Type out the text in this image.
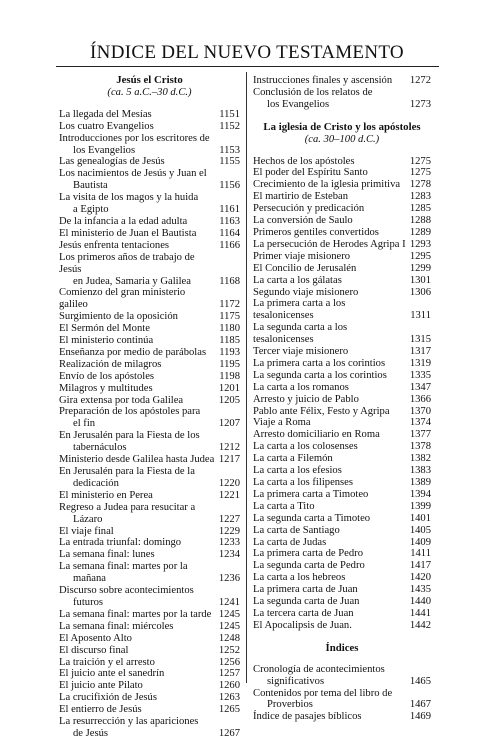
ÍNDICE DEL NUEVO TESTAMENTO
Jesús el Cristo
(ca. 5 a.C.–30 d.C.)
La llegada del Mesías	1151
Los cuatro Evangelios	1152
Introducciones por los escritores de
los Evangelios	1153
Las genealogías de Jesús	1155
Los nacimientos de Jesús y Juan el
Bautista	1156
La visita de los magos y la huida
a Egipto	1161
De la infancia a la edad adulta	1163
El ministerio de Juan el Bautista	1164
Jesús enfrenta tentaciones	1166
Los primeros años de trabajo de Jesús
en Judea, Samaria y Galilea	1168
Comienzo del gran ministerio galileo	1172
Surgimiento de la oposición	1175
El Sermón del Monte	1180
El ministerio continúa	1185
Enseñanza por medio de parábolas	1193
Realización de milagros	1195
Envío de los apóstoles	1198
Milagros y multitudes	1201
Gira extensa por toda Galilea	1205
Preparación de los apóstoles para
el fin	1207
En Jerusalén para la Fiesta de los
tabernáculos	1212
Ministerio desde Galilea hasta Judea 1217
En Jerusalén para la Fiesta de la
dedicación	1220
El ministerio en Perea	1221
Regreso a Judea para resucitar a
Lázaro	1227
El viaje final	1229
La entrada triunfal: domingo	1233
La semana final: lunes	1234
La semana final: martes por la
mañana	1236
Discurso sobre acontecimientos
futuros	1241
La semana final: martes por la tarde 1245
La semana final: miércoles	1245
El Aposento Alto	1248
El discurso final	1252
La traición y el arresto	1256
El juicio ante el sanedrín	1257
El juicio ante Pilato	1260
La crucifixión de Jesús	1263
El entierro de Jesús	1265
La resurrección y las apariciones
de Jesús	1267
Instrucciones finales y ascensión	1272
Conclusión de los relatos de
los Evangelios	1273
La iglesia de Cristo y los apóstoles
(ca. 30–100 d.C.)
Hechos de los apóstoles	1275
El poder del Espíritu Santo	1275
Crecimiento de la iglesia primitiva 1278
El martirio de Esteban	1283
Persecución y predicación	1285
La conversión de Saulo	1288
Primeros gentiles convertidos	1289
La persecución de Herodes Agripa I 1293
Primer viaje misionero	1295
El Concilio de Jerusalén	1299
La carta a los gálatas	1301
Segundo viaje misionero	1306
La primera carta a los tesalonicenses	1311
La segunda carta a los tesalonicenses	1315
Tercer viaje misionero	1317
La primera carta a los corintios	1319
La segunda carta a los corintios	1335
La carta a los romanos	1347
Arresto y juicio de Pablo	1366
Pablo ante Félix, Festo y Agripa	1370
Viaje a Roma	1374
Arresto domiciliario en Roma	1377
La carta a los colosenses	1378
La carta a Filemón	1382
La carta a los efesios	1383
La carta a los filipenses	1389
La primera carta a Timoteo	1394
La carta a Tito	1399
La segunda carta a Timoteo	1401
La carta de Santiago	1405
La carta de Judas	1409
La primera carta de Pedro	1411
La segunda carta de Pedro	1417
La carta a los hebreos	1420
La primera carta de Juan	1435
La segunda carta de Juan	1440
La tercera carta de Juan	1441
El Apocalipsis de Juan.	1442
Índices
Cronología de acontecimientos
significativos	1465
Contenidos por tema del libro de
Proverbios	1467
Índice de pasajes bíblicos	1469
